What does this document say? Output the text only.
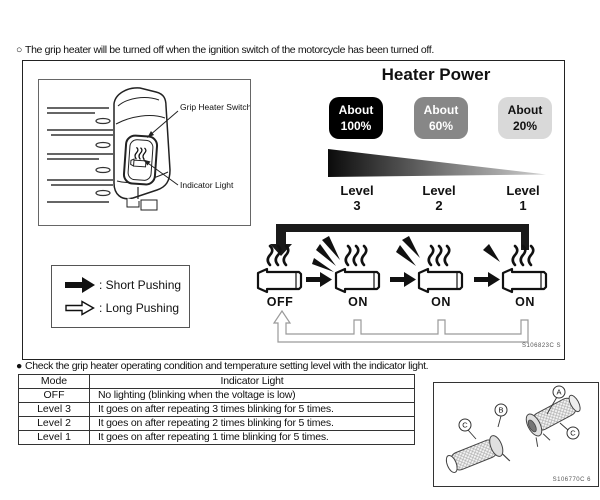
○ The grip heater will be turned off when the ignition switch of the motorcycle has been turned off.
Grip Heater Switch
Indicator Light
Heater Power
About
100%
About
60%
About
20%
Level
3
Level
2
Level
1
OFF	ON	ON	ON
: Short Pushing
: Long Pushing
S106823C S
● Check the grip heater operating condition and temperature setting level with the indicator light.
Mode	Indicator Light
OFF	No lighting (blinking when the voltage is low)
Level 3	It goes on after repeating 3 times blinking for 5 times.
Level 2	It goes on after repeating 2 times blinking for 5 times.
Level 1	It goes on after repeating 1 time blinking for 5 times.
A
B
C
C
S106770C 6
